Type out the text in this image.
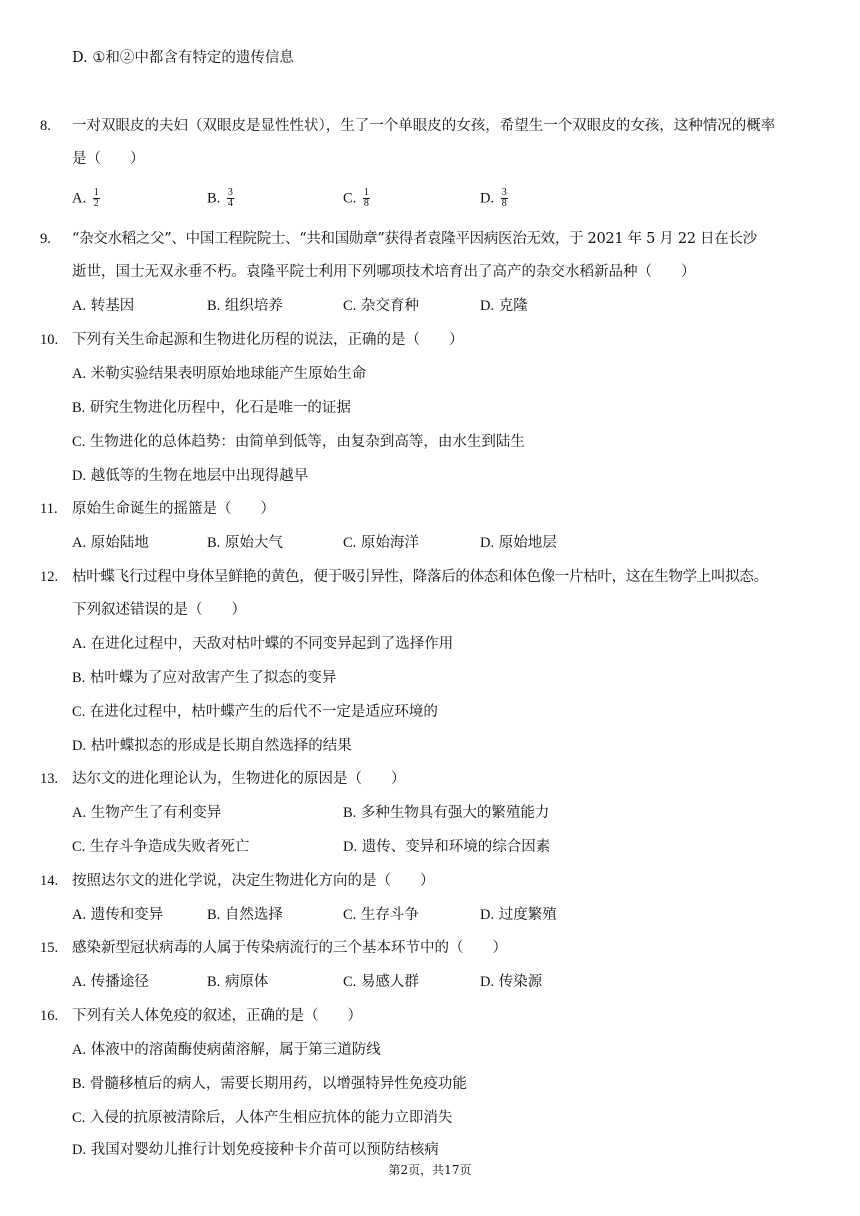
D. ①和②中都含有特定的遗传信息
8. 一对双眼皮的夫妇（双眼皮是显性性状），生了一个单眼皮的女孩，希望生一个双眼皮的女孩，这种情况的概率
是（　　）
A. $\frac{1}{2}$	B. $\frac{3}{4}$	C. $\frac{1}{8}$	D. $\frac{3}{8}$
9. “杂交水稻之父”、中国工程院院士、“共和国勋章”获得者袁隆平因病医治无效，于 2021 年 5 月 22 日在长沙
逝世，国士无双永垂不朽。袁隆平院士利用下列哪项技术培育出了高产的杂交水稻新品种（　　）
A. 转基因	B. 组织培养	C. 杂交育种	D. 克隆
10. 下列有关生命起源和生物进化历程的说法，正确的是（　　）
A. 米勒实验结果表明原始地球能产生原始生命
B. 研究生物进化历程中，化石是唯一的证据
C. 生物进化的总体趋势：由简单到低等，由复杂到高等，由水生到陆生
D. 越低等的生物在地层中出现得越早
11. 原始生命诞生的摇篮是（　　）
A. 原始陆地	B. 原始大气	C. 原始海洋	D. 原始地层
12. 枯叶蝶飞行过程中身体呈鲜艳的黄色，便于吸引异性，降落后的体态和体色像一片枯叶，这在生物学上叫拟态。
下列叙述错误的是（　　）
A. 在进化过程中，天敌对枯叶蝶的不同变异起到了选择作用
B. 枯叶蝶为了应对敌害产生了拟态的变异
C. 在进化过程中，枯叶蝶产生的后代不一定是适应环境的
D. 枯叶蝶拟态的形成是长期自然选择的结果
13. 达尔文的进化理论认为，生物进化的原因是（　　）
A. 生物产生了有利变异	B. 多种生物具有强大的繁殖能力
C. 生存斗争造成失败者死亡	D. 遗传、变异和环境的综合因素
14. 按照达尔文的进化学说，决定生物进化方向的是（　　）
A. 遗传和变异	B. 自然选择	C. 生存斗争	D. 过度繁殖
15. 感染新型冠状病毒的人属于传染病流行的三个基本环节中的（　　）
A. 传播途径	B. 病原体	C. 易感人群	D. 传染源
16. 下列有关人体免疫的叙述，正确的是（　　）
A. 体液中的溶菌酶使病菌溶解，属于第三道防线
B. 骨髓移植后的病人，需要长期用药，以增强特异性免疫功能
C. 入侵的抗原被清除后，人体产生相应抗体的能力立即消失
D. 我国对婴幼儿推行计划免疫接种卡介苗可以预防结核病
第2页，共17页
